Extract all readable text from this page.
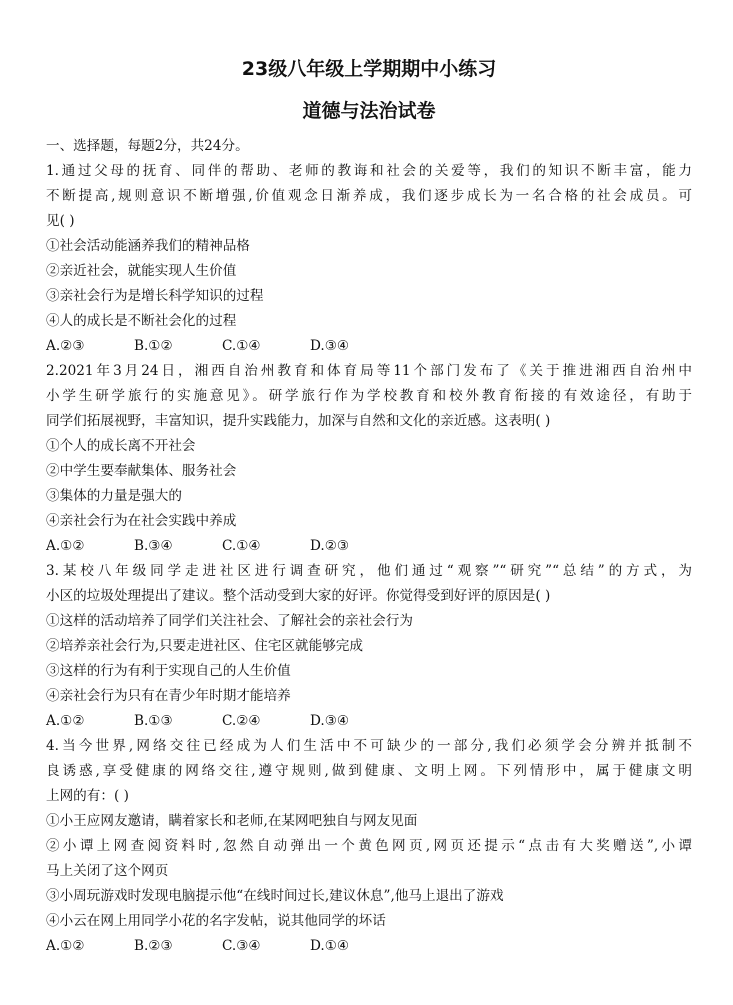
23级八年级上学期期中小练习
道德与法治试卷

一、选择题，每题2分，共24分。

1.通过父母的抚育、同伴的帮助、老师的教诲和社会的关爱等，我们的知识不断丰富，能力

不断提高,规则意识不断增强,价值观念日渐养成，我们逐步成长为一名合格的社会成员。可

见( )

①社会活动能涵养我们的精神品格

②亲近社会，就能实现人生价值

③亲社会行为是增长科学知识的过程

④人的成长是不断社会化的过程

A.②③	B.①②	C.①④	D.③④

2.2021年3月24日，湘西自治州教育和体育局等11个部门发布了《关于推进湘西自治州中

小学生研学旅行的实施意见》。研学旅行作为学校教育和校外教育衔接的有效途径，有助于

同学们拓展视野，丰富知识，提升实践能力，加深与自然和文化的亲近感。这表明( )

①个人的成长离不开社会

②中学生要奉献集体、服务社会

③集体的力量是强大的

④亲社会行为在社会实践中养成

A.①②	B.③④	C.①④	D.②③

3.某校八年级同学走进社区进行调查研究，他们通过“观察”“研究”“总结”的方式，为

小区的垃圾处理提出了建议。整个活动受到大家的好评。你觉得受到好评的原因是( )

①这样的活动培养了同学们关注社会、了解社会的亲社会行为

②培养亲社会行为,只要走进社区、住宅区就能够完成

③这样的行为有利于实现自己的人生价值

④亲社会行为只有在青少年时期才能培养

A.①②	B.①③	C.②④	D.③④

4.当今世界,网络交往已经成为人们生活中不可缺少的一部分,我们必须学会分辨并抵制不

良诱惑,享受健康的网络交往,遵守规则,做到健康、文明上网。下列情形中，属于健康文明

上网的有：( )

①小王应网友邀请，瞒着家长和老师,在某网吧独自与网友见面

②小谭上网查阅资料时,忽然自动弹出一个黄色网页,网页还提示“点击有大奖赠送”,小谭

马上关闭了这个网页

③小周玩游戏时发现电脑提示他“在线时间过长,建议休息”,他马上退出了游戏

④小云在网上用同学小花的名字发帖，说其他同学的坏话

A.①②	B.②③	C.③④	D.①④
